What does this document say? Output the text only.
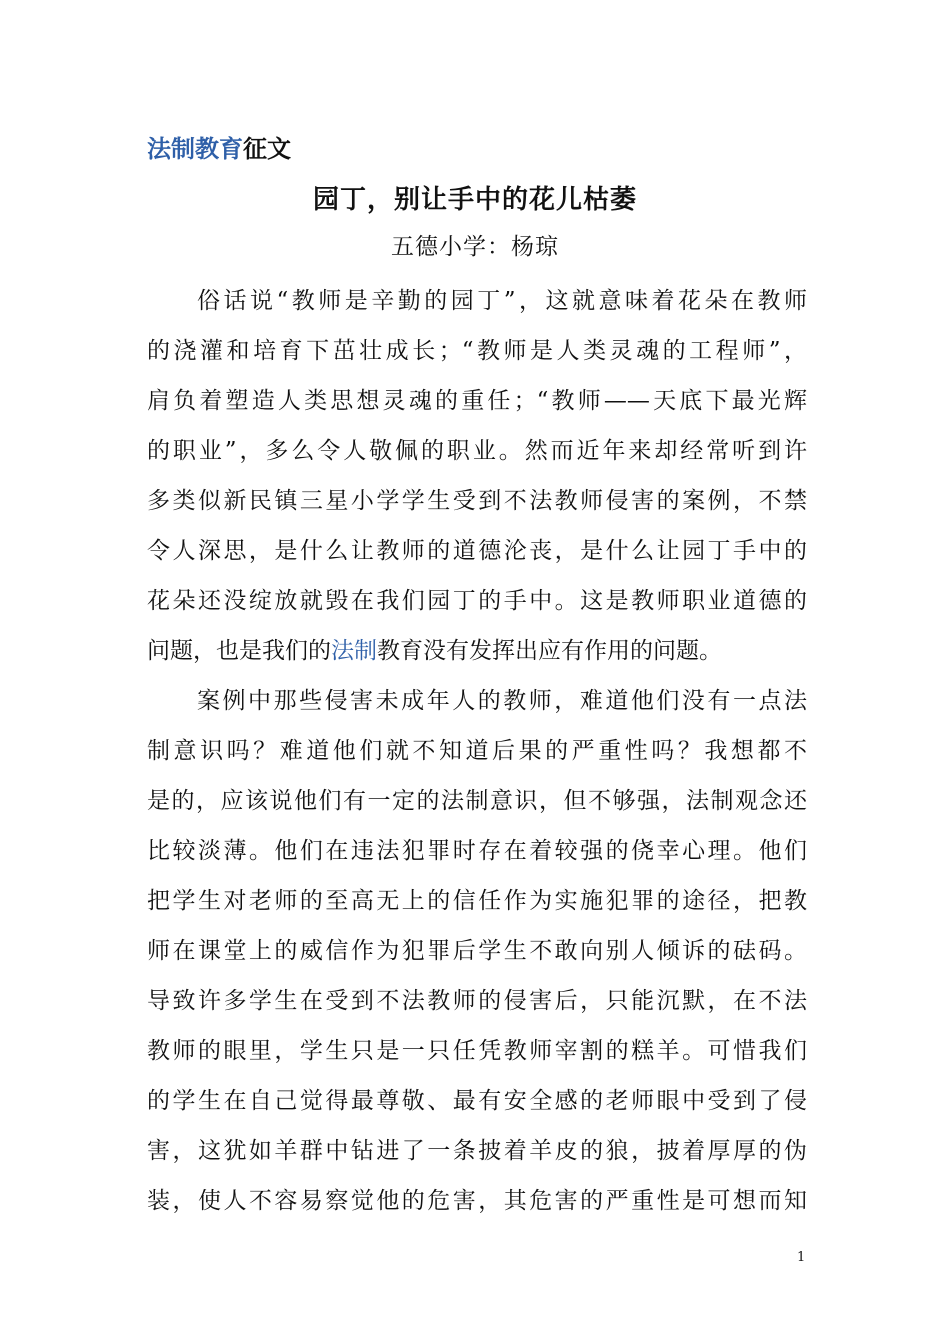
法制教育征文
园丁，别让手中的花儿枯萎
五德小学：杨琼
俗话说“教师是辛勤的园丁”，这就意味着花朵在教师
的浇灌和培育下茁壮成长；“教师是人类灵魂的工程师”，
肩负着塑造人类思想灵魂的重任；“教师——天底下最光辉
的职业”，多么令人敬佩的职业。然而近年来却经常听到许
多类似新民镇三星小学学生受到不法教师侵害的案例，不禁
令人深思，是什么让教师的道德沦丧，是什么让园丁手中的
花朵还没绽放就毁在我们园丁的手中。这是教师职业道德的
问题，也是我们的法制教育没有发挥出应有作用的问题。
案例中那些侵害未成年人的教师，难道他们没有一点法
制意识吗？难道他们就不知道后果的严重性吗？我想都不
是的，应该说他们有一定的法制意识，但不够强，法制观念还
比较淡薄。他们在违法犯罪时存在着较强的侥幸心理。他们
把学生对老师的至高无上的信任作为实施犯罪的途径，把教
师在课堂上的威信作为犯罪后学生不敢向别人倾诉的砝码。
导致许多学生在受到不法教师的侵害后，只能沉默，在不法
教师的眼里，学生只是一只任凭教师宰割的糕羊。可惜我们
的学生在自己觉得最尊敬、最有安全感的老师眼中受到了侵
害，这犹如羊群中钻进了一条披着羊皮的狼，披着厚厚的伪
装，使人不容易察觉他的危害，其危害的严重性是可想而知
1
